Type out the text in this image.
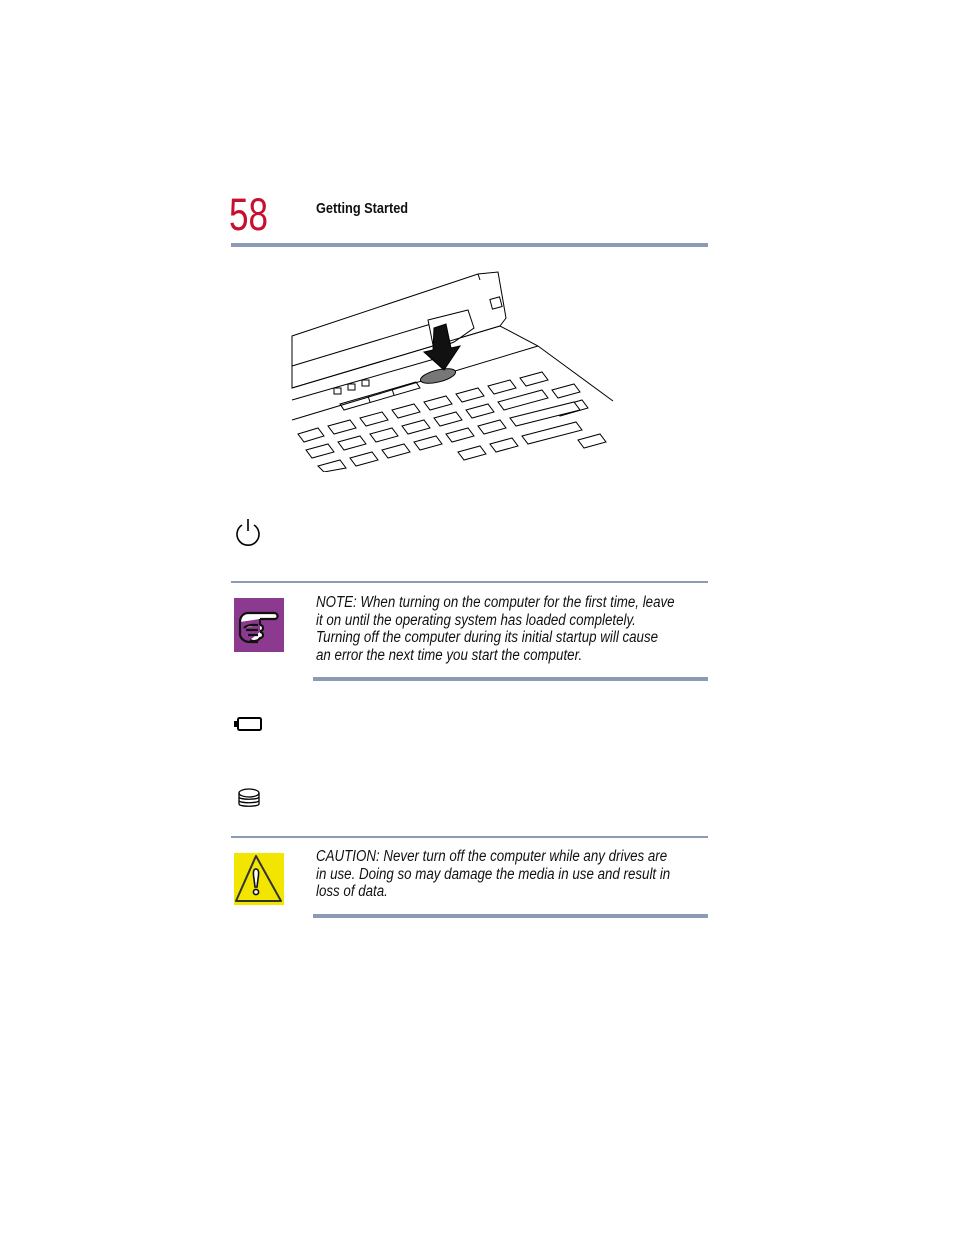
58	Getting Started
NOTE: When turning on the computer for the first time, leave
it on until the operating system has loaded completely.
Turning off the computer during its initial startup will cause
an error the next time you start the computer.
CAUTION: Never turn off the computer while any drives are
in use. Doing so may damage the media in use and result in
loss of data.
